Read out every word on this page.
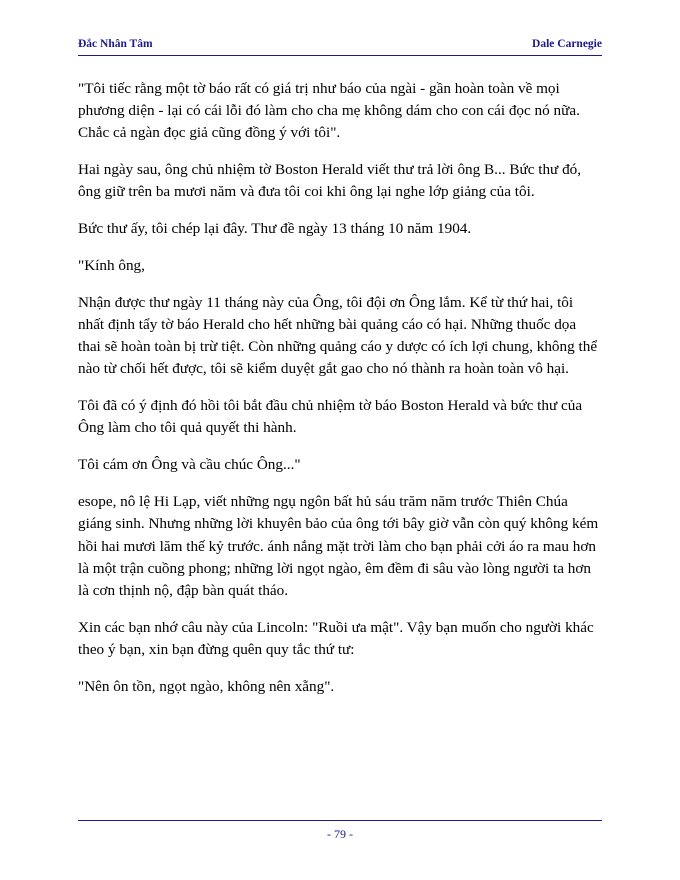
Đắc Nhân Tâm	Dale Carnegie

"Tôi tiếc rằng một tờ báo rất có giá trị như báo của ngài - gần hoàn toàn về mọi phương diện - lại có cái lỗi đó làm cho cha mẹ không dám cho con cái đọc nó nữa. Chắc cả ngàn đọc giả cũng đồng ý với tôi".

Hai ngày sau, ông chủ nhiệm tờ Boston Herald viết thư trả lời ông B... Bức thư đó, ông giữ trên ba mươi năm và đưa tôi coi khi ông lại nghe lớp giảng của tôi.

Bức thư ấy, tôi chép lại đây. Thư đề ngày 13 tháng 10 năm 1904.

"Kính ông,

Nhận được thư ngày 11 tháng này của Ông, tôi đội ơn Ông lắm. Kể từ thứ hai, tôi nhất định tẩy tờ báo Herald cho hết những bài quảng cáo có hại. Những thuốc dọa thai sẽ hoàn toàn bị trừ tiệt. Còn những quảng cáo y dược có ích lợi chung, không thể nào từ chối hết được, tôi sẽ kiểm duyệt gắt gao cho nó thành ra hoàn toàn vô hại.

Tôi đã có ý định đó hồi tôi bắt đầu chủ nhiệm tờ báo Boston Herald và bức thư của Ông làm cho tôi quả quyết thi hành.

Tôi cám ơn Ông và cầu chúc Ông..."

esope, nô lệ Hi Lạp, viết những ngụ ngôn bất hủ sáu trăm năm trước Thiên Chúa giáng sinh. Nhưng những lời khuyên bảo của ông tới bây giờ vẫn còn quý không kém hồi hai mươi lăm thế kỷ trước. ánh nắng mặt trời làm cho bạn phải cởi áo ra mau hơn là một trận cuồng phong; những lời ngọt ngào, êm đềm đi sâu vào lòng người ta hơn là cơn thịnh nộ, đập bàn quát tháo.

Xin các bạn nhớ câu này của Lincoln: "Ruồi ưa mật". Vậy bạn muốn cho người khác theo ý bạn, xin bạn đừng quên quy tắc thứ tư:

"Nên ôn tồn, ngọt ngào, không nên xẵng".

- 79 -
